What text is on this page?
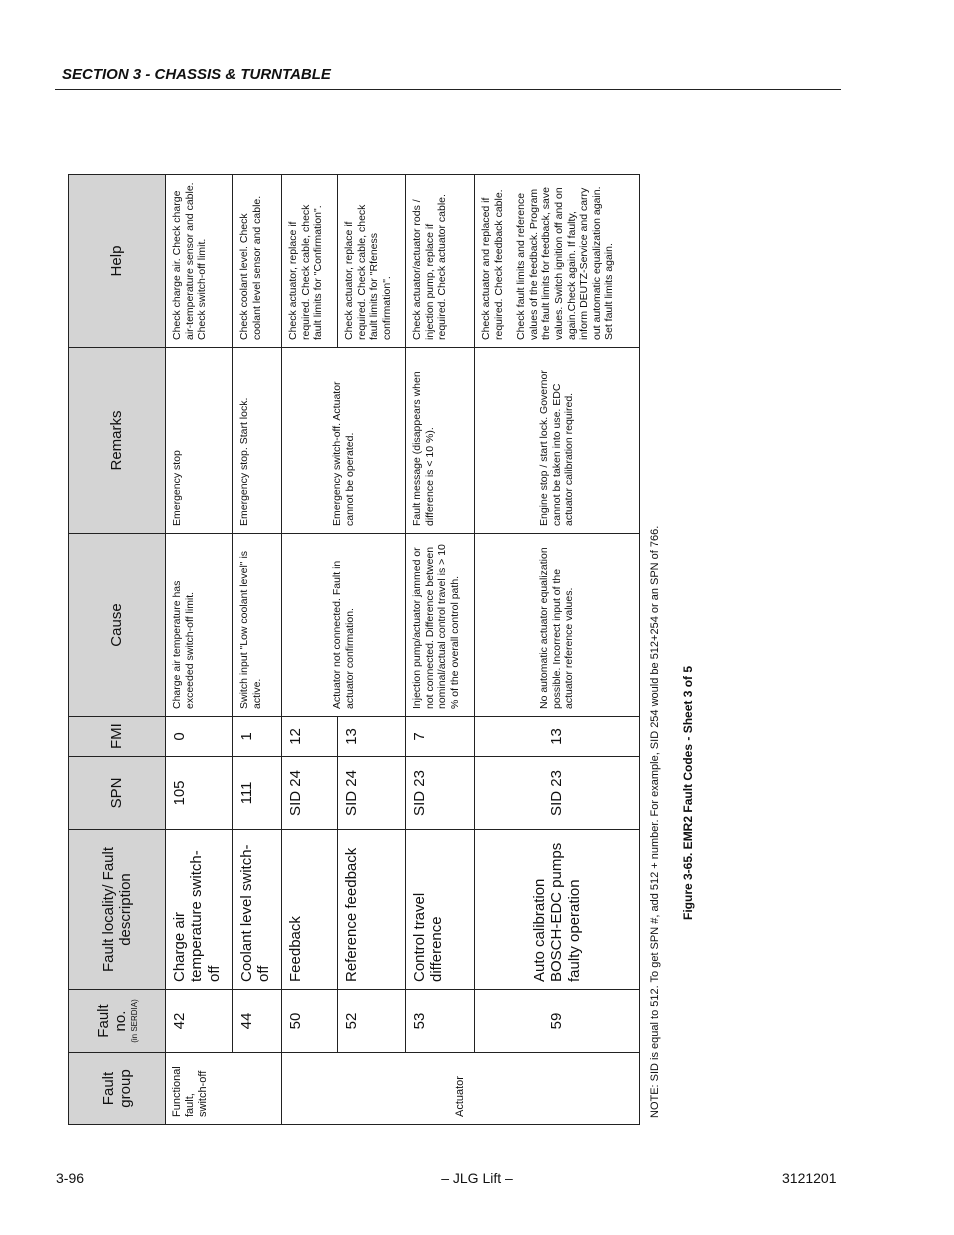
SECTION 3 - CHASSIS & TURNTABLE
Fault group	Fault no. (in SERDIA)	Fault locality/ Fault description	SPN	FMI	Cause	Remarks	Help
Functional fault, switch-off	42	Charge air temperature switch-off	105	0	Charge air temperature has exceeded switch-off limit.	Emergency stop	Check charge air. Check charge air-temperature sensor and cable. Check switch-off limit.
	44	Coolant level switch-off	111	1	Switch input "Low coolant level" is active.	Emergency stop. Start lock.	Check coolant level. Check coolant level sensor and cable.
Actuator	50	Feedback	SID 24	12	Actuator not connected. Fault in actuator confirmation.	Emergency switch-off. Actuator cannot be operated.	Check actuator, replace if required. Check cable, check fault limits for "Confirmation".
	52	Reference feedback	SID 24	13			Check actuator, replace if required. Check cable, check fault limits for "Rfeness confirmation".
	53	Control travel difference	SID 23	7	Injection pump/actuator jammed or not connected. Difference between nominal/actual control travel is > 10 % of the overall control path.	Fault message (disappears when difference is < 10 %).	Check actuator/actuator rods / injection pump, replace if required. Check actuator cable.
	59	Auto calibration BOSCH-EDC pumps faulty operation	SID 23	13	No automatic actuator equalization possible. Incorrect input of the actuator reference values.	Engine stop / start lock. Governor cannot be taken into use. EDC actuator calibration required.	Check actuator and replaced if required. Check feedback cable. Check fault limits and reference values of the feedback. Program the fault limits for feedback, save values. Switch ignition off and on again.Check again. If faulty, inform DEUTZ-Service and carry out automatic equalization again. Set fault limits again.
NOTE: SID is equal to 512. To get SPN #, add 512 + number. For example, SID 254 would be 512+254 or an SPN of 766. Figure 3-65. EMR2 Fault Codes - Sheet 3 of 5
3-96	– JLG Lift –	3121201
